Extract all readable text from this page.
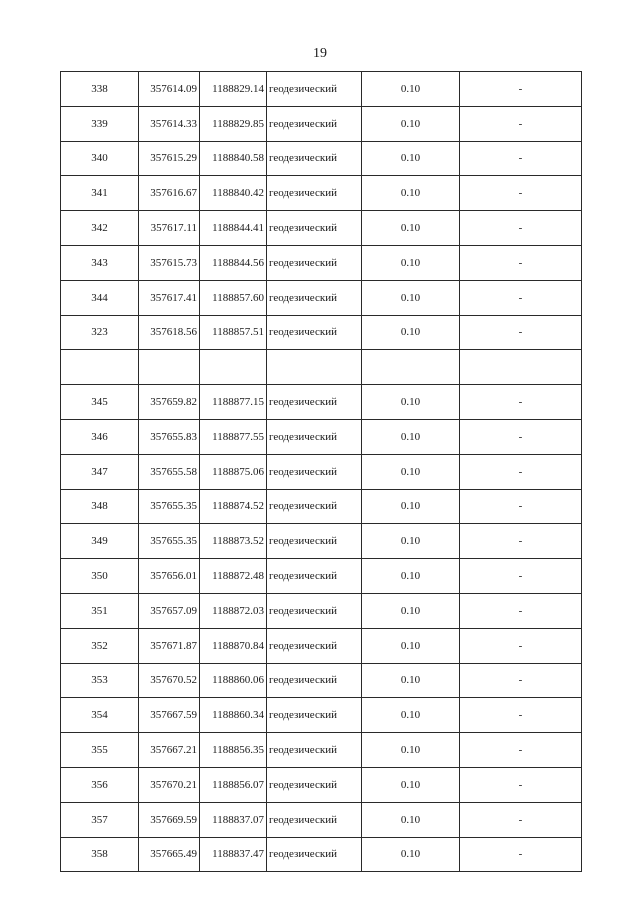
19
338	357614.09	1188829.14	геодезический	0.10	-
339	357614.33	1188829.85	геодезический	0.10	-
340	357615.29	1188840.58	геодезический	0.10	-
341	357616.67	1188840.42	геодезический	0.10	-
342	357617.11	1188844.41	геодезический	0.10	-
343	357615.73	1188844.56	геодезический	0.10	-
344	357617.41	1188857.60	геодезический	0.10	-
323	357618.56	1188857.51	геодезический	0.10	-

345	357659.82	1188877.15	геодезический	0.10	-
346	357655.83	1188877.55	геодезический	0.10	-
347	357655.58	1188875.06	геодезический	0.10	-
348	357655.35	1188874.52	геодезический	0.10	-
349	357655.35	1188873.52	геодезический	0.10	-
350	357656.01	1188872.48	геодезический	0.10	-
351	357657.09	1188872.03	геодезический	0.10	-
352	357671.87	1188870.84	геодезический	0.10	-
353	357670.52	1188860.06	геодезический	0.10	-
354	357667.59	1188860.34	геодезический	0.10	-
355	357667.21	1188856.35	геодезический	0.10	-
356	357670.21	1188856.07	геодезический	0.10	-
357	357669.59	1188837.07	геодезический	0.10	-
358	357665.49	1188837.47	геодезический	0.10	-
